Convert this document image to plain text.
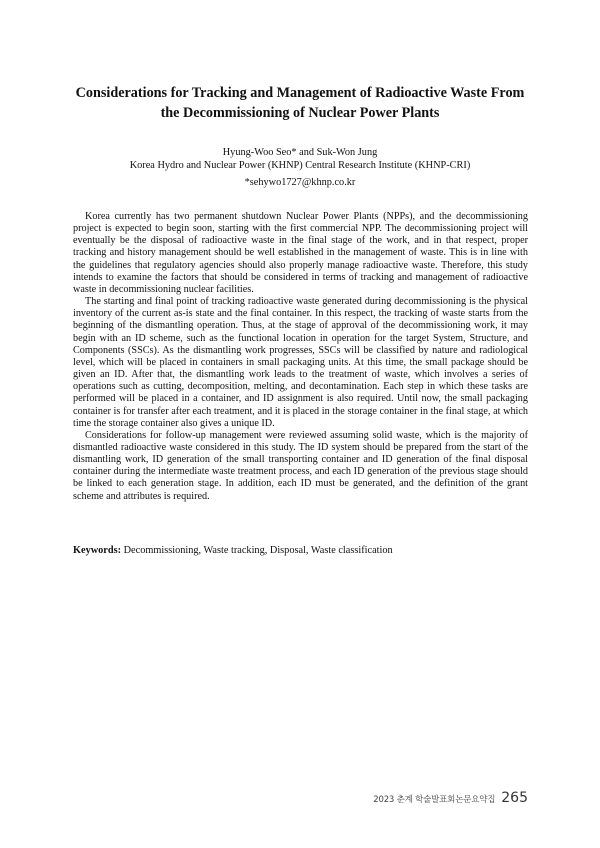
Considerations for Tracking and Management of Radioactive Waste From
the Decommissioning of Nuclear Power Plants
Hyung-Woo Seo* and Suk-Won Jung
Korea Hydro and Nuclear Power (KHNP) Central Research Institute (KHNP-CRI)
*sehywo1727@khnp.co.kr

Korea currently has two permanent shutdown Nuclear Power Plants (NPPs), and the decommissioning project is expected to begin soon, starting with the first commercial NPP. The decommissioning project will eventually be the disposal of radioactive waste in the final stage of the work, and in that respect, proper tracking and history management should be well established in the management of waste. This is in line with the guidelines that regulatory agencies should also properly manage radioactive waste. Therefore, this study intends to examine the factors that should be considered in terms of tracking and management of radioactive waste in decommissioning nuclear facilities.

The starting and final point of tracking radioactive waste generated during decommissioning is the physical inventory of the current as-is state and the final container. In this respect, the tracking of waste starts from the beginning of the dismantling operation. Thus, at the stage of approval of the decommissioning work, it may begin with an ID scheme, such as the functional location in operation for the target System, Structure, and Components (SSCs). As the dismantling work progresses, SSCs will be classified by nature and radiological level, which will be placed in containers in small packaging units. At this time, the small package should be given an ID. After that, the dismantling work leads to the treatment of waste, which involves a series of operations such as cutting, decomposition, melting, and decontamination. Each step in which these tasks are performed will be placed in a container, and ID assignment is also required. Until now, the small packaging container is for transfer after each treatment, and it is placed in the storage container in the final stage, at which time the storage container also gives a unique ID.

Considerations for follow-up management were reviewed assuming solid waste, which is the majority of dismantled radioactive waste considered in this study. The ID system should be prepared from the start of the dismantling work, ID generation of the small transporting container and ID generation of the final disposal container during the intermediate waste treatment process, and each ID generation of the previous stage should be linked to each generation stage. In addition, each ID must be generated, and the definition of the grant scheme and attributes is required.

Keywords: Decommissioning, Waste tracking, Disposal, Waste classification
2023 춘계 학술발표회논문요약집 265
